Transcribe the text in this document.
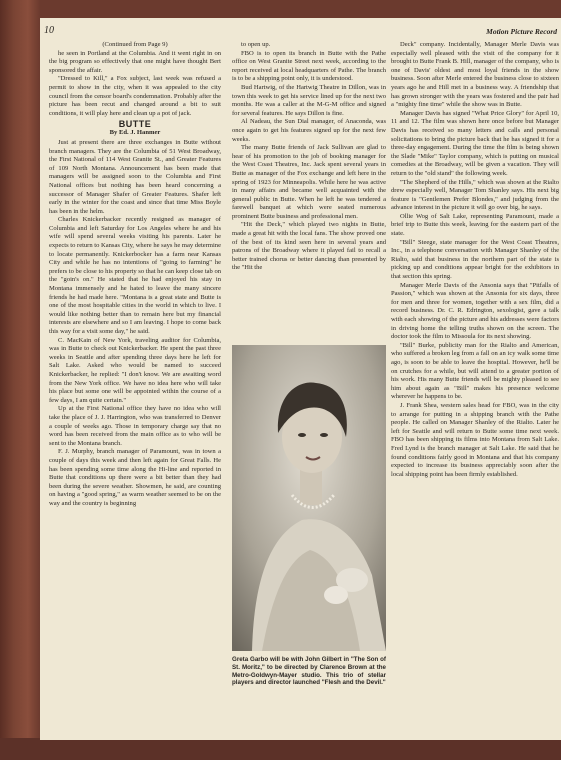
10	Motion Picture Record

(Continued from Page 9)

he seen in Portland at the Columbia. And it went right in on the big program so effectively that one might have thought Bert sponsored the affair.

"Dressed to Kill," a Fox subject, last week was refused a permit to show in the city, when it was appealed to the city council from the censor board's condemnation. Probably after the picture has been recut and changed around a bit to suit conditions, it will play here and clean up a pot of jack.

BUTTE
By Ed. J. Hanmer

Just at present there are three exchanges in Butte without branch managers. They are the Columbia of 51 West Broadway, the First National of 114 West Granite St., and Greater Features of 109 North Montana. Announcement has been made that managers will be assigned soon to the Columbia and First National offices but nothing has been heard concerning a successor of Manager Shafer of Greater Features. Shafer left early in the winter for the coast and since that time Miss Boyle has been in the helm.

Charles Knickerbacker recently resigned as manager of Columbia and left Saturday for Los Angeles where he and his wife will spend several weeks visiting his parents. Later he expects to return to Kansas City, where he says he may determine to locate permanently. Knickerbocker has a farm near Kansas City and while he has no intentions of "going to farming" he prefers to be close to his property so that he can keep close tab on the "goin's on." He stated that he had enjoyed his stay in Montana immensely and he hated to leave the many sincere friends he had made here. "Montana is a great state and Butte is one of the most hospitable cities in the world in which to live. I would like nothing better than to remain here but my financial interests are elsewhere and so I am leaving. I hope to come back this way for a visit some day," he said.

C. MacKain of New York, traveling auditor for Columbia, was in Butte to check out Knickerbacker. He spent the past three weeks in Seattle and after spending three days here he left for Salt Lake. Asked who would be named to succeed Knickerbacker, he replied: "I don't know. We are awaiting word from the New York office. We have no idea here who will take his place but some one will be appointed within the course of a few days, I am quite certain."

Up at the First National office they have no idea who will take the place of J. J. Harrington, who was transferred to Denver a couple of weeks ago. Those in temporary charge say that no word has been received from the main office as to who will be sent to the Montana branch.

F. J. Murphy, branch manager of Paramount, was in town a couple of days this week and then left again for Great Falls. He has been spending some time along the Hi-line and reported in Butte that conditions up there were a bit better than they had been during the severe weather. Showmen, he said, are counting on having a "good spring," as warm weather seemed to be on the way and the country is beginning

to open up.

FBO is to open its branch in Butte with the Pathe office on West Granite Street next week, according to the report received at local headquarters of Pathe. The branch is to be a shipping point only, it is understood.

Bud Hartwig, of the Hartwig Theatre in Dillon, was in town this week to get his service lined up for the next two months. He was a caller at the M-G-M office and signed for several features. He says Dillon is fine.

Al Nadeau, the Sun Dial manager, of Anaconda, was once again to get his features signed up for the next few weeks.

The many Butte friends of Jack Sullivan are glad to hear of his promotion to the job of booking manager for the West Coast Theatres, Inc. Jack spent several years in Butte as manager of the Fox exchange and left here in the spring of 1923 for Minneapolis. While here he was active in many affairs and became well acquainted with the general public in Butte. When he left he was tendered a farewell banquet at which were seated numerous prominent Butte business and professional men.

"Hit the Deck," which played two nights in Butte, made a great hit with the local fans. The show proved one of the best of its kind seen here in several years and patrons of the Broadway where it played fail to recall a better trained chorus or better dancing than presented by the "Hit the

Greta Garbo will be with John Gilbert in "The Son of St. Moritz," to be directed by Clarence Brown at the Metro-Goldwyn-Mayer studio. This trio of stellar players and director launched "Flesh and the Devil."

Deck" company. Incidentally, Manager Merle Davis was especially well pleased with the visit of the company for it brought to Butte Frank B. Hill, manager of the company, who is one of Davis' oldest and most loyal friends in the show business. Soon after Merle entered the business close to sixteen years ago he and Hill met in a business way. A friendship that has grown stronger with the years was fostered and the pair had a "mighty fine time" while the show was in Butte.

Manager Davis has signed "What Price Glory" for April 10, 11 and 12. The film was shown here once before but Manager Davis has received so many letters and calls and personal solicitations to bring the picture back that he has signed it for a three-day engagement. During the time the film is being shown the Slade "Mike" Taylor company, which is putting on musical comedies at the Broadway, will be given a vacation. They will return to the "old stand" the following week.

"The Shepherd of the Hills," which was shown at the Rialto drew especially well, Manager Tom Shanley says. His next big feature is "Gentlemen Prefer Blondes," and judging from the advance interest in the picture it will go over big, he says.

Ollie Wog of Salt Lake, representing Paramount, made a brief trip to Butte this week, leaving for the eastern part of the state.

"Bill" Steege, state manager for the West Coast Theatres, Inc., in a telephone conversation with Manager Shanley of the Rialto, said that business in the northern part of the state is picking up and conditions appear bright for the exhibitors in that section this spring.

Manager Merle Davis of the Ansonia says that "Pitfalls of Passion," which was shown at the Ansonia for six days, three for men and three for women, together with a sex film, did a record business. Dr. C. R. Edrington, sexologist, gave a talk with each showing of the picture and his addresses were factors in driving home the telling truths shown on the screen. The doctor took the film to Missoula for its next showing.

"Bill" Burke, publicity man for the Rialto and American, who suffered a broken leg from a fall on an icy walk some time ago, is soon to be able to leave the hospital. However, he'll be on crutches for a while, but will attend to a greater portion of his work. His many Butte friends will be mighty pleased to see him about again as "Bill" makes his presence welcome wherever he happens to be.

J. Frank Shea, western sales head for FBO, was in the city to arrange for putting in a shipping branch with the Pathe people. He called on Manager Shanley of the Rialto. Later he left for Seattle and will return to Butte some time next week. FBO has been shipping its films into Montana from Salt Lake. Fred Lynd is the branch manager at Salt Lake. He said that he found conditions fairly good in Montana and that his company expected to increase its business appreciably soon after the local shipping point has been firmly established.
